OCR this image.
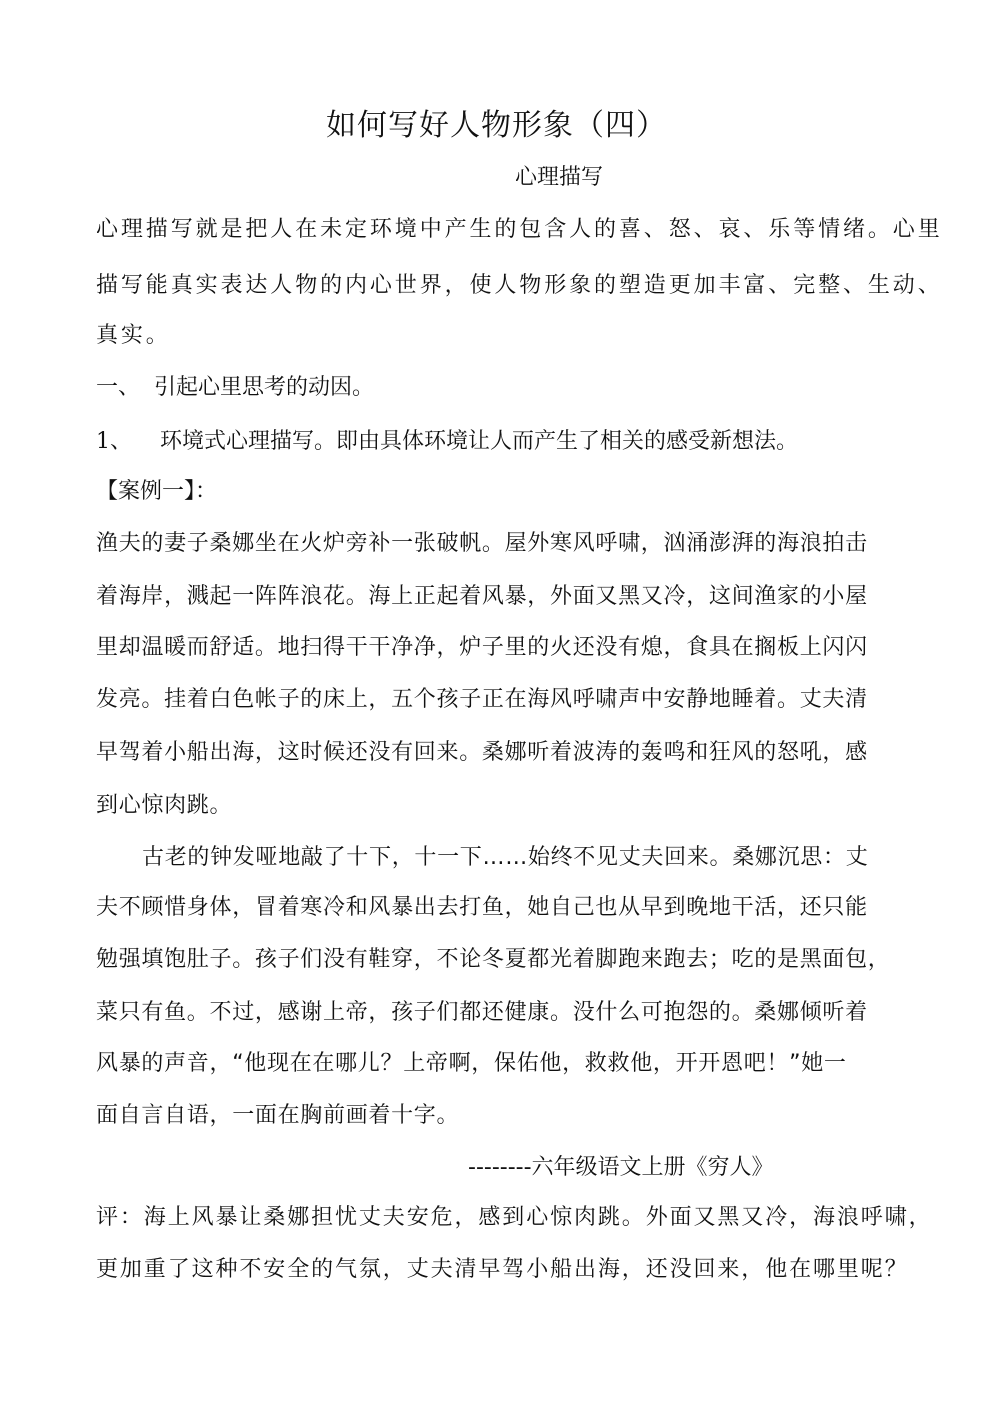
如何写好人物形象（四）
心理描写
心理描写就是把人在未定环境中产生的包含人的喜、怒、哀、乐等情绪。心里
描写能真实表达人物的内心世界，使人物形象的塑造更加丰富、完整、生动、
真实。
一、  引起心里思考的动因。
1、    环境式心理描写。即由具体环境让人而产生了相关的感受新想法。
【案例一】：
渔夫的妻子桑娜坐在火炉旁补一张破帆。屋外寒风呼啸，汹涌澎湃的海浪拍击
着海岸，溅起一阵阵浪花。海上正起着风暴，外面又黑又冷，这间渔家的小屋
里却温暖而舒适。地扫得干干净净，炉子里的火还没有熄，食具在搁板上闪闪
发亮。挂着白色帐子的床上，五个孩子正在海风呼啸声中安静地睡着。丈夫清
早驾着小船出海，这时候还没有回来。桑娜听着波涛的轰鸣和狂风的怒吼，感
到心惊肉跳。
古老的钟发哑地敲了十下，十一下……始终不见丈夫回来。桑娜沉思：丈
夫不顾惜身体，冒着寒冷和风暴出去打鱼，她自己也从早到晚地干活，还只能
勉强填饱肚子。孩子们没有鞋穿，不论冬夏都光着脚跑来跑去；吃的是黑面包，
菜只有鱼。不过，感谢上帝，孩子们都还健康。没什么可抱怨的。桑娜倾听着
风暴的声音，“他现在在哪儿？上帝啊，保佑他，救救他，开开恩吧！”她一
面自言自语，一面在胸前画着十字。
--------六年级语文上册《穷人》
评：海上风暴让桑娜担忧丈夫安危，感到心惊肉跳。外面又黑又冷，海浪呼啸，
更加重了这种不安全的气氛，丈夫清早驾小船出海，还没回来，他在哪里呢？
